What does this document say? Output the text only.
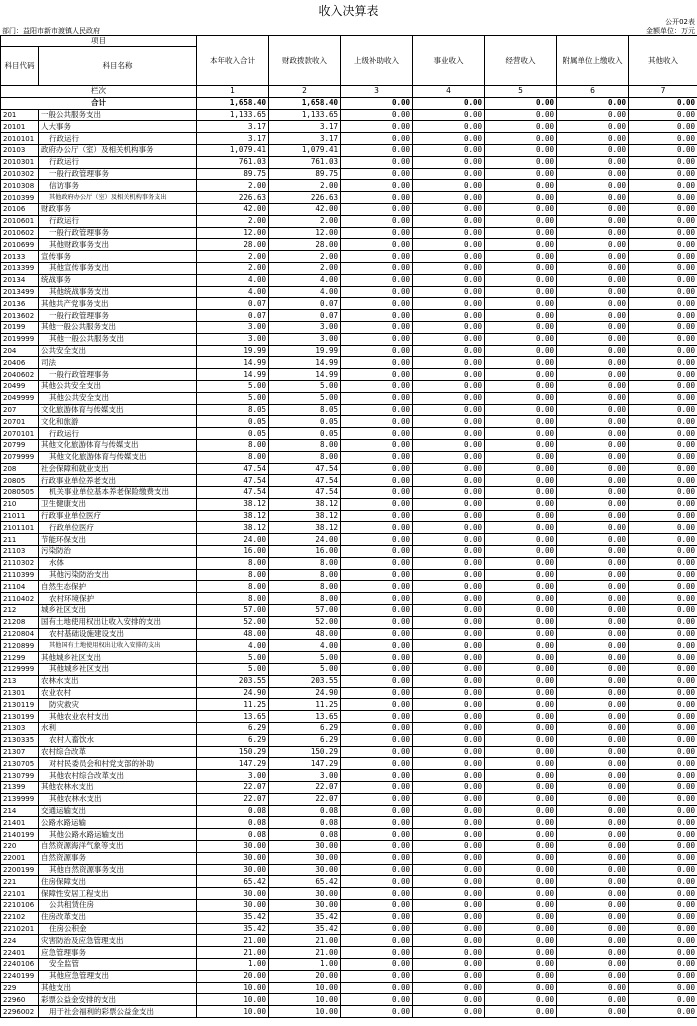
收入决算表
公开02表
部门：益阳市新市渡镇人民政府	金额单位：万元
项目		本年收入合计	财政拨款收入	上级补助收入	事业收入	经营收入	附属单位上缴收入	其他收入
科目代码	科目名称							
栏次		1	2	3	4	5	6	7
合计		1,658.40	1,658.40	0.00	0.00	0.00	0.00	0.00
201	一般公共服务支出	1,133.65	1,133.65	0.00	0.00	0.00	0.00	0.00
20101	人大事务	3.17	3.17	0.00	0.00	0.00	0.00	0.00
2010101	行政运行	3.17	3.17	0.00	0.00	0.00	0.00	0.00
20103	政府办公厅（室）及相关机构事务	1,079.41	1,079.41	0.00	0.00	0.00	0.00	0.00
2010301	行政运行	761.03	761.03	0.00	0.00	0.00	0.00	0.00
2010302	一般行政管理事务	89.75	89.75	0.00	0.00	0.00	0.00	0.00
2010308	信访事务	2.00	2.00	0.00	0.00	0.00	0.00	0.00
2010399	其他政府办公厅（室）及相关机构事务支出	226.63	226.63	0.00	0.00	0.00	0.00	0.00
20106	财政事务	42.00	42.00	0.00	0.00	0.00	0.00	0.00
2010601	行政运行	2.00	2.00	0.00	0.00	0.00	0.00	0.00
2010602	一般行政管理事务	12.00	12.00	0.00	0.00	0.00	0.00	0.00
2010699	其他财政事务支出	28.00	28.00	0.00	0.00	0.00	0.00	0.00
20133	宣传事务	2.00	2.00	0.00	0.00	0.00	0.00	0.00
2013399	其他宣传事务支出	2.00	2.00	0.00	0.00	0.00	0.00	0.00
20134	统战事务	4.00	4.00	0.00	0.00	0.00	0.00	0.00
2013499	其他统战事务支出	4.00	4.00	0.00	0.00	0.00	0.00	0.00
20136	其他共产党事务支出	0.07	0.07	0.00	0.00	0.00	0.00	0.00
2013602	一般行政管理事务	0.07	0.07	0.00	0.00	0.00	0.00	0.00
20199	其他一般公共服务支出	3.00	3.00	0.00	0.00	0.00	0.00	0.00
2019999	其他一般公共服务支出	3.00	3.00	0.00	0.00	0.00	0.00	0.00
204	公共安全支出	19.99	19.99	0.00	0.00	0.00	0.00	0.00
20406	司法	14.99	14.99	0.00	0.00	0.00	0.00	0.00
2040602	一般行政管理事务	14.99	14.99	0.00	0.00	0.00	0.00	0.00
20499	其他公共安全支出	5.00	5.00	0.00	0.00	0.00	0.00	0.00
2049999	其他公共安全支出	5.00	5.00	0.00	0.00	0.00	0.00	0.00
207	文化旅游体育与传媒支出	8.05	8.05	0.00	0.00	0.00	0.00	0.00
20701	文化和旅游	0.05	0.05	0.00	0.00	0.00	0.00	0.00
2070101	行政运行	0.05	0.05	0.00	0.00	0.00	0.00	0.00
20799	其他文化旅游体育与传媒支出	8.00	8.00	0.00	0.00	0.00	0.00	0.00
2079999	其他文化旅游体育与传媒支出	8.00	8.00	0.00	0.00	0.00	0.00	0.00
208	社会保障和就业支出	47.54	47.54	0.00	0.00	0.00	0.00	0.00
20805	行政事业单位养老支出	47.54	47.54	0.00	0.00	0.00	0.00	0.00
2080505	机关事业单位基本养老保险缴费支出	47.54	47.54	0.00	0.00	0.00	0.00	0.00
210	卫生健康支出	38.12	38.12	0.00	0.00	0.00	0.00	0.00
21011	行政事业单位医疗	38.12	38.12	0.00	0.00	0.00	0.00	0.00
2101101	行政单位医疗	38.12	38.12	0.00	0.00	0.00	0.00	0.00
211	节能环保支出	24.00	24.00	0.00	0.00	0.00	0.00	0.00
21103	污染防治	16.00	16.00	0.00	0.00	0.00	0.00	0.00
2110302	水体	8.00	8.00	0.00	0.00	0.00	0.00	0.00
2110399	其他污染防治支出	8.00	8.00	0.00	0.00	0.00	0.00	0.00
21104	自然生态保护	8.00	8.00	0.00	0.00	0.00	0.00	0.00
2110402	农村环境保护	8.00	8.00	0.00	0.00	0.00	0.00	0.00
212	城乡社区支出	57.00	57.00	0.00	0.00	0.00	0.00	0.00
21208	国有土地使用权出让收入安排的支出	52.00	52.00	0.00	0.00	0.00	0.00	0.00
2120804	农村基础设施建设支出	48.00	48.00	0.00	0.00	0.00	0.00	0.00
2120899	其他国有土地使用权出让收入安排的支出	4.00	4.00	0.00	0.00	0.00	0.00	0.00
21299	其他城乡社区支出	5.00	5.00	0.00	0.00	0.00	0.00	0.00
2129999	其他城乡社区支出	5.00	5.00	0.00	0.00	0.00	0.00	0.00
213	农林水支出	203.55	203.55	0.00	0.00	0.00	0.00	0.00
21301	农业农村	24.90	24.90	0.00	0.00	0.00	0.00	0.00
2130119	防灾救灾	11.25	11.25	0.00	0.00	0.00	0.00	0.00
2130199	其他农业农村支出	13.65	13.65	0.00	0.00	0.00	0.00	0.00
21303	水利	6.29	6.29	0.00	0.00	0.00	0.00	0.00
2130335	农村人畜饮水	6.29	6.29	0.00	0.00	0.00	0.00	0.00
21307	农村综合改革	150.29	150.29	0.00	0.00	0.00	0.00	0.00
2130705	对村民委员会和村党支部的补助	147.29	147.29	0.00	0.00	0.00	0.00	0.00
2130799	其他农村综合改革支出	3.00	3.00	0.00	0.00	0.00	0.00	0.00
21399	其他农林水支出	22.07	22.07	0.00	0.00	0.00	0.00	0.00
2139999	其他农林水支出	22.07	22.07	0.00	0.00	0.00	0.00	0.00
214	交通运输支出	0.08	0.08	0.00	0.00	0.00	0.00	0.00
21401	公路水路运输	0.08	0.08	0.00	0.00	0.00	0.00	0.00
2140199	其他公路水路运输支出	0.08	0.08	0.00	0.00	0.00	0.00	0.00
220	自然资源海洋气象等支出	30.00	30.00	0.00	0.00	0.00	0.00	0.00
22001	自然资源事务	30.00	30.00	0.00	0.00	0.00	0.00	0.00
2200199	其他自然资源事务支出	30.00	30.00	0.00	0.00	0.00	0.00	0.00
221	住房保障支出	65.42	65.42	0.00	0.00	0.00	0.00	0.00
22101	保障性安居工程支出	30.00	30.00	0.00	0.00	0.00	0.00	0.00
2210106	公共租赁住房	30.00	30.00	0.00	0.00	0.00	0.00	0.00
22102	住房改革支出	35.42	35.42	0.00	0.00	0.00	0.00	0.00
2210201	住房公积金	35.42	35.42	0.00	0.00	0.00	0.00	0.00
224	灾害防治及应急管理支出	21.00	21.00	0.00	0.00	0.00	0.00	0.00
22401	应急管理事务	21.00	21.00	0.00	0.00	0.00	0.00	0.00
2240106	安全监管	1.00	1.00	0.00	0.00	0.00	0.00	0.00
2240199	其他应急管理支出	20.00	20.00	0.00	0.00	0.00	0.00	0.00
229	其他支出	10.00	10.00	0.00	0.00	0.00	0.00	0.00
22960	彩票公益金安排的支出	10.00	10.00	0.00	0.00	0.00	0.00	0.00
2296002	用于社会福利的彩票公益金支出	10.00	10.00	0.00	0.00	0.00	0.00	0.00
